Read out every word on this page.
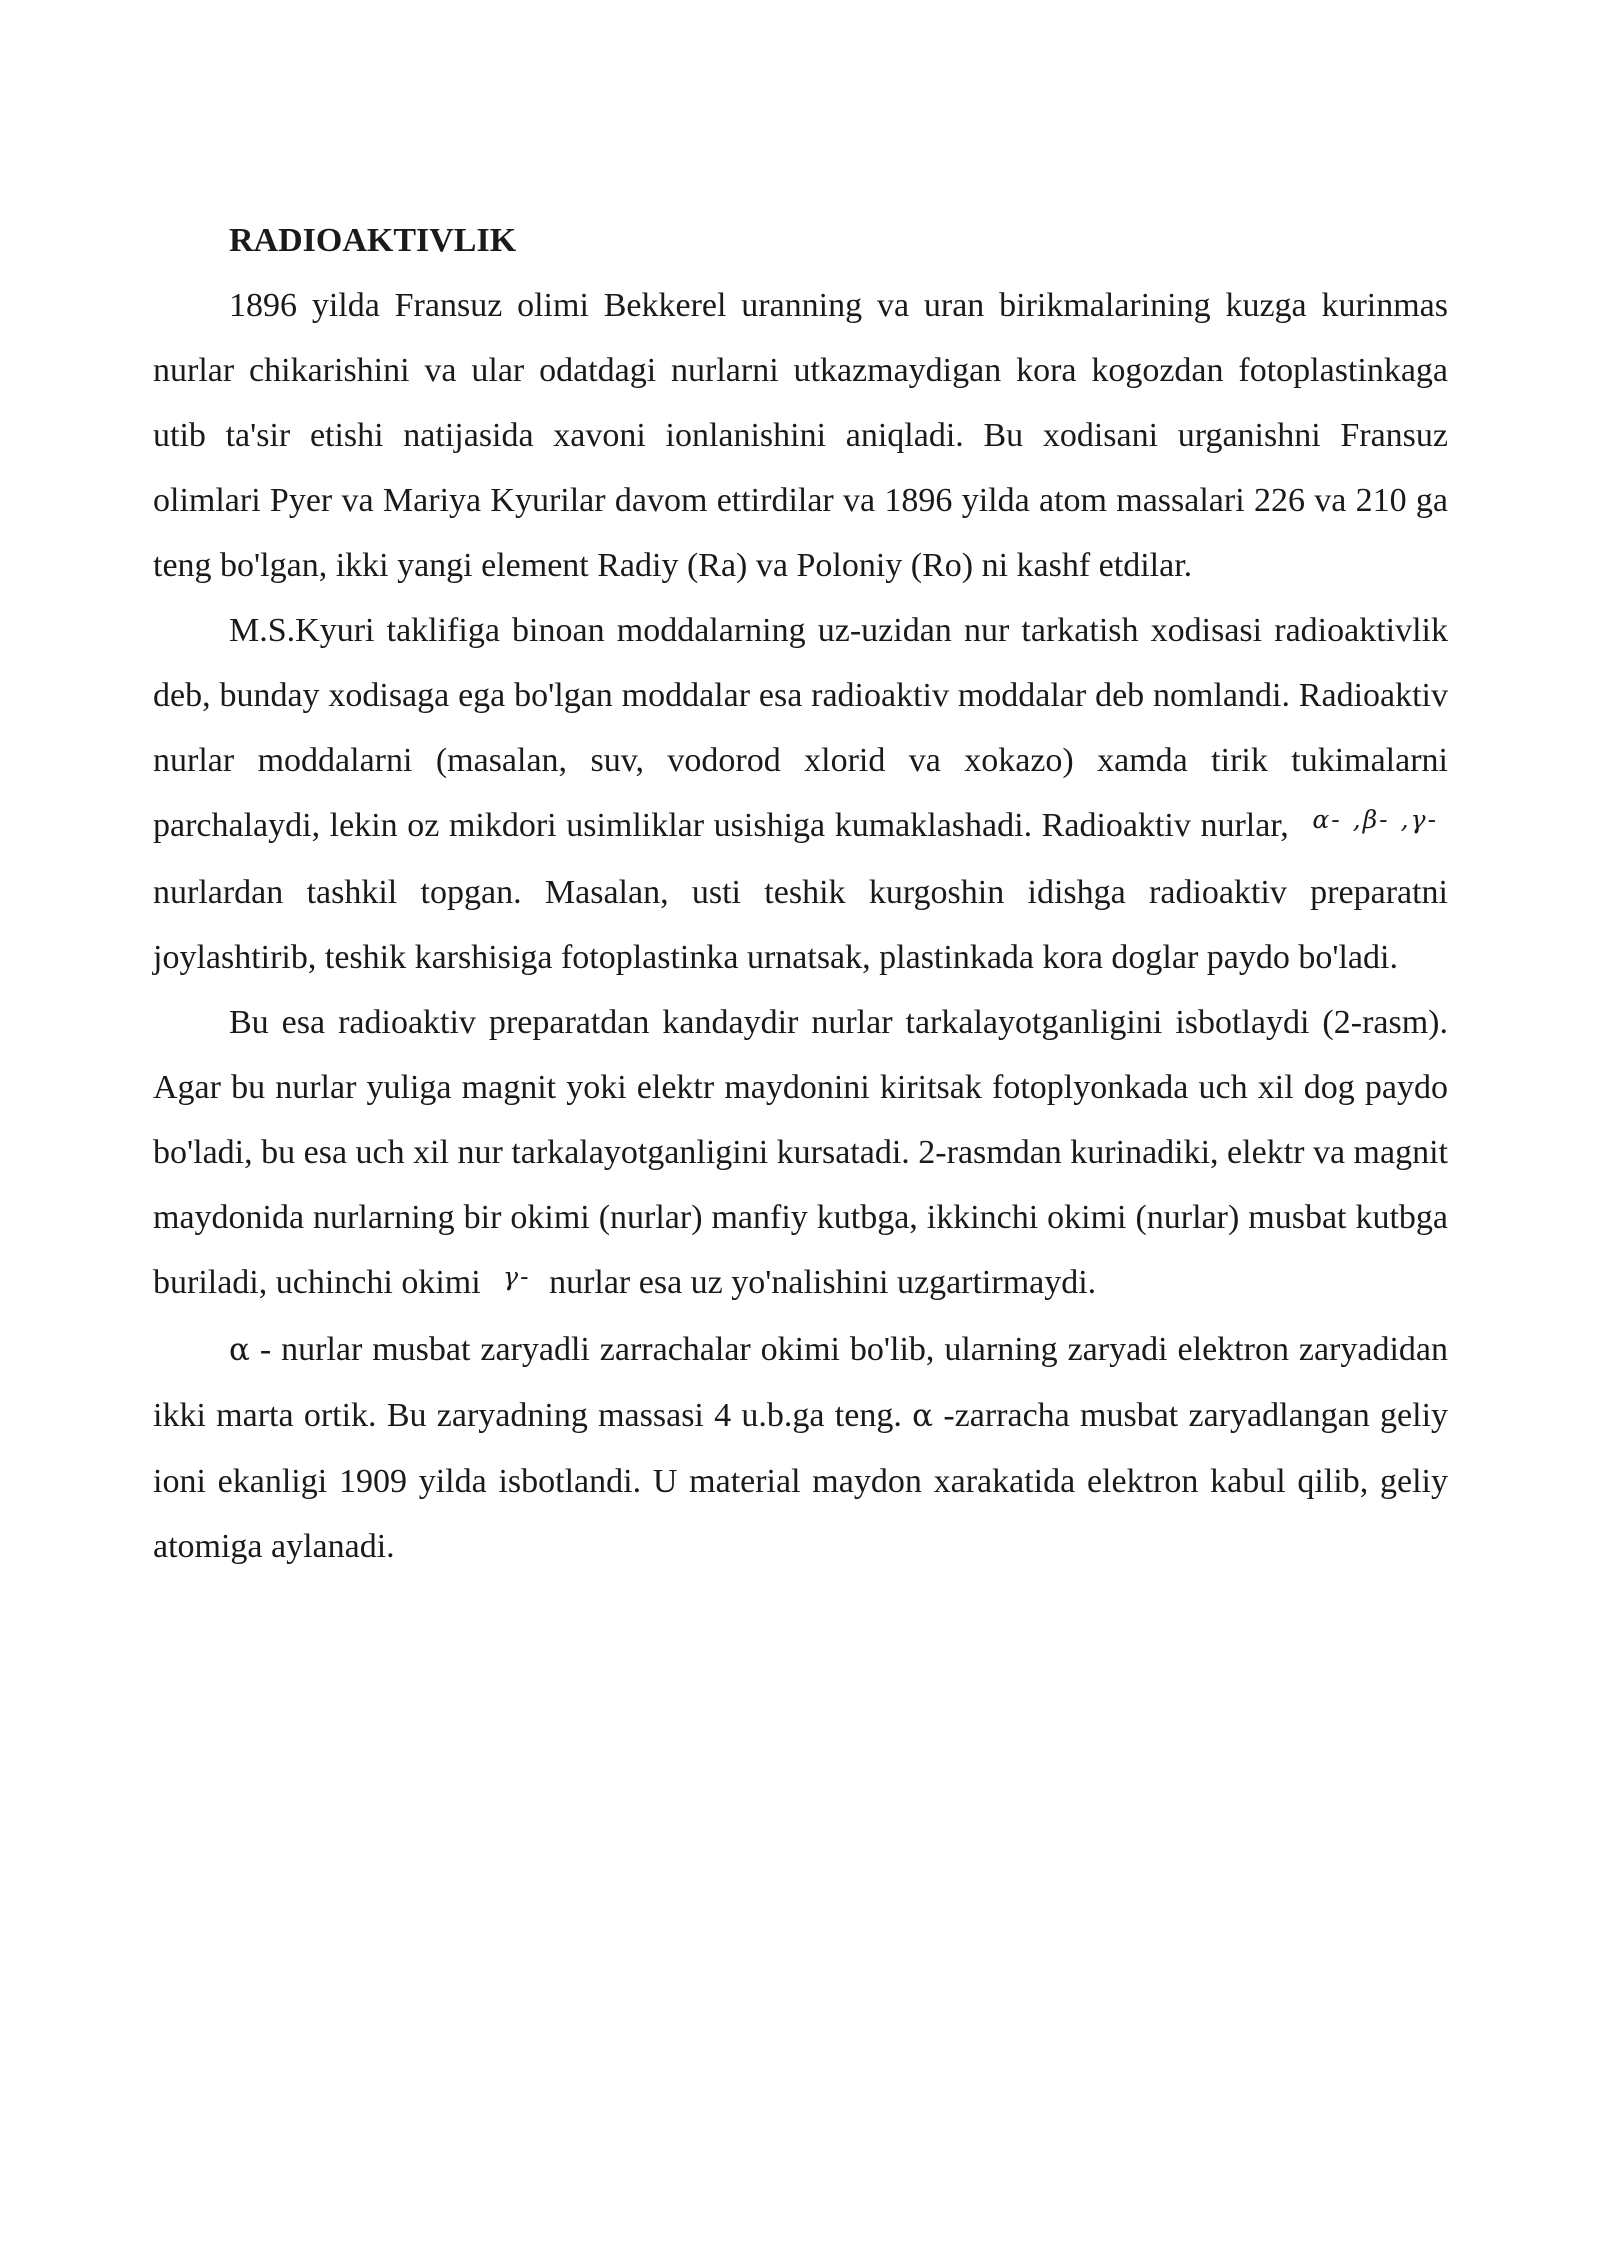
RADIOAKTIVLIK

1896 yilda Fransuz olimi Bekkerel uranning va uran birikmalarining kuzga kurinmas nurlar chikarishini va ular odatdagi nurlarni utkazmaydigan kora kogozdan fotoplastinkaga utib ta'sir etishi natijasida xavoni ionlanishini aniqladi. Bu xodisani urganishni Fransuz olimlari Pyer va Mariya Kyurilar davom ettirdilar va 1896 yilda atom massalari 226 va 210 ga teng bo'lgan, ikki yangi element Radiy (Ra) va Poloniy (Ro) ni kashf etdilar.

M.S.Kyuri taklifiga binoan moddalarning uz-uzidan nur tarkatish xodisasi radioaktivlik deb, bunday xodisaga ega bo'lgan moddalar esa radioaktiv moddalar deb nomlandi. Radioaktiv nurlar moddalarni (masalan, suv, vodorod xlorid va xokazo) xamda tirik tukimalarni parchalaydi, lekin oz mikdori usimliklar usishiga kumaklashadi. Radioaktiv nurlar, $^{\alpha- ,\beta- ,\gamma-}$ nurlardan tashkil topgan. Masalan, usti teshik kurgoshin idishga radioaktiv preparatni joylashtirib, teshik karshisiga fotoplastinka urnatsak, plastinkada kora doglar paydo bo'ladi.

Bu esa radioaktiv preparatdan kandaydir nurlar tarkalayotganligini isbotlaydi (2-rasm). Agar bu nurlar yuliga magnit yoki elektr maydonini kiritsak fotoplyonkada uch xil dog paydo bo'ladi, bu esa uch xil nur tarkalayotganligini kursatadi. 2-rasmdan kurinadiki, elektr va magnit maydonida nurlarning bir okimi (nurlar) manfiy kutbga, ikkinchi okimi (nurlar) musbat kutbga buriladi, uchinchi okimi $^{\gamma-}$ nurlar esa uz yo'nalishini uzgartirmaydi.

α - nurlar musbat zaryadli zarrachalar okimi bo'lib, ularning zaryadi elektron zaryadidan ikki marta ortik. Bu zaryadning massasi 4 u.b.ga teng. α -zarracha musbat zaryadlangan geliy ioni ekanligi 1909 yilda isbotlandi. U material maydon xarakatida elektron kabul qilib, geliy atomiga aylanadi.
